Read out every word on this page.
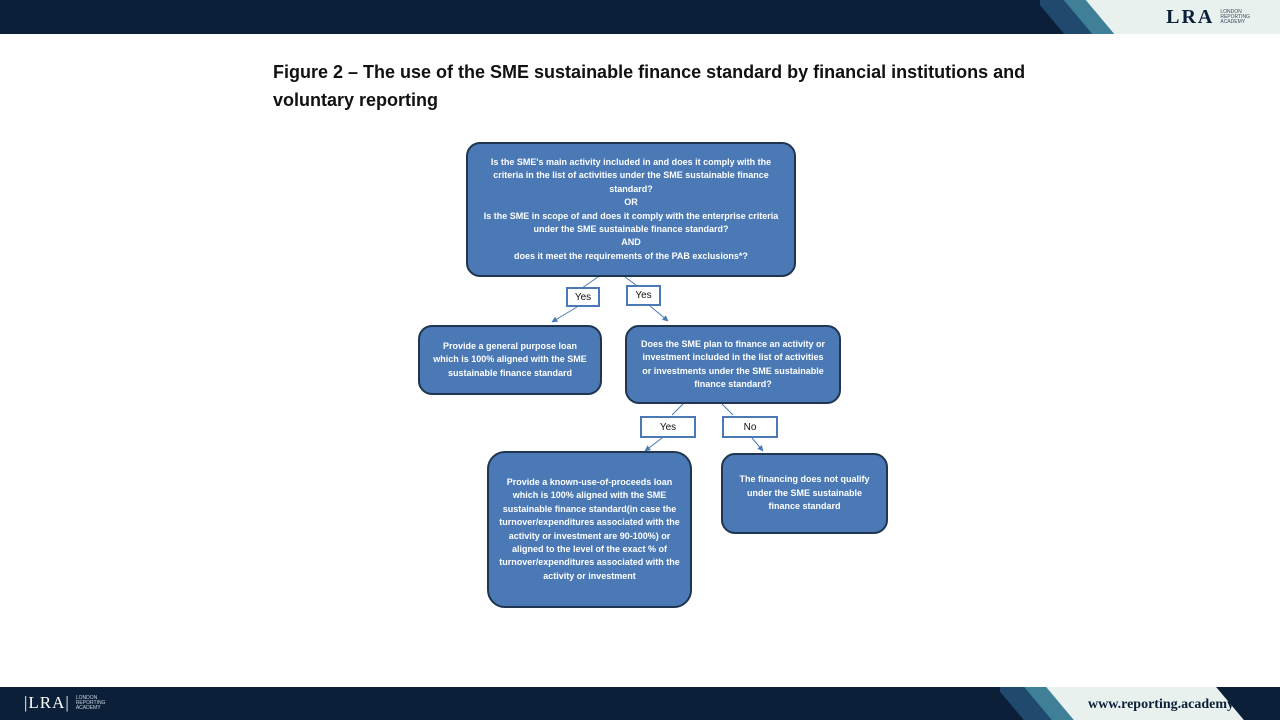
LRA LONDON
REPORTING
ACADEMY
Figure 2 – The use of the SME sustainable finance standard by financial institutions and voluntary reporting
Is the SME's main activity included in and does it comply with the criteria in the list of activities under the SME sustainable finance standard?
OR
Is the SME in scope of and does it comply with the enterprise criteria under the SME sustainable finance standard?
AND
does it meet the requirements of the PAB exclusions*?
Yes	Yes
Provide a general purpose loan which is 100% aligned with the SME sustainable finance standard
Does the SME plan to finance an activity or investment included in the list of activities or investments under the SME sustainable finance standard?
Yes	No
Provide a known-use-of-proceeds loan which is 100% aligned with the SME sustainable finance standard(in case the turnover/expenditures associated with the activity or investment are 90-100%) or aligned to the level of the exact % of turnover/expenditures associated with the activity or investment
The financing does not qualify under the SME sustainable finance standard
|LRA| LONDON
REPORTING
ACADEMY	www.reporting.academy
